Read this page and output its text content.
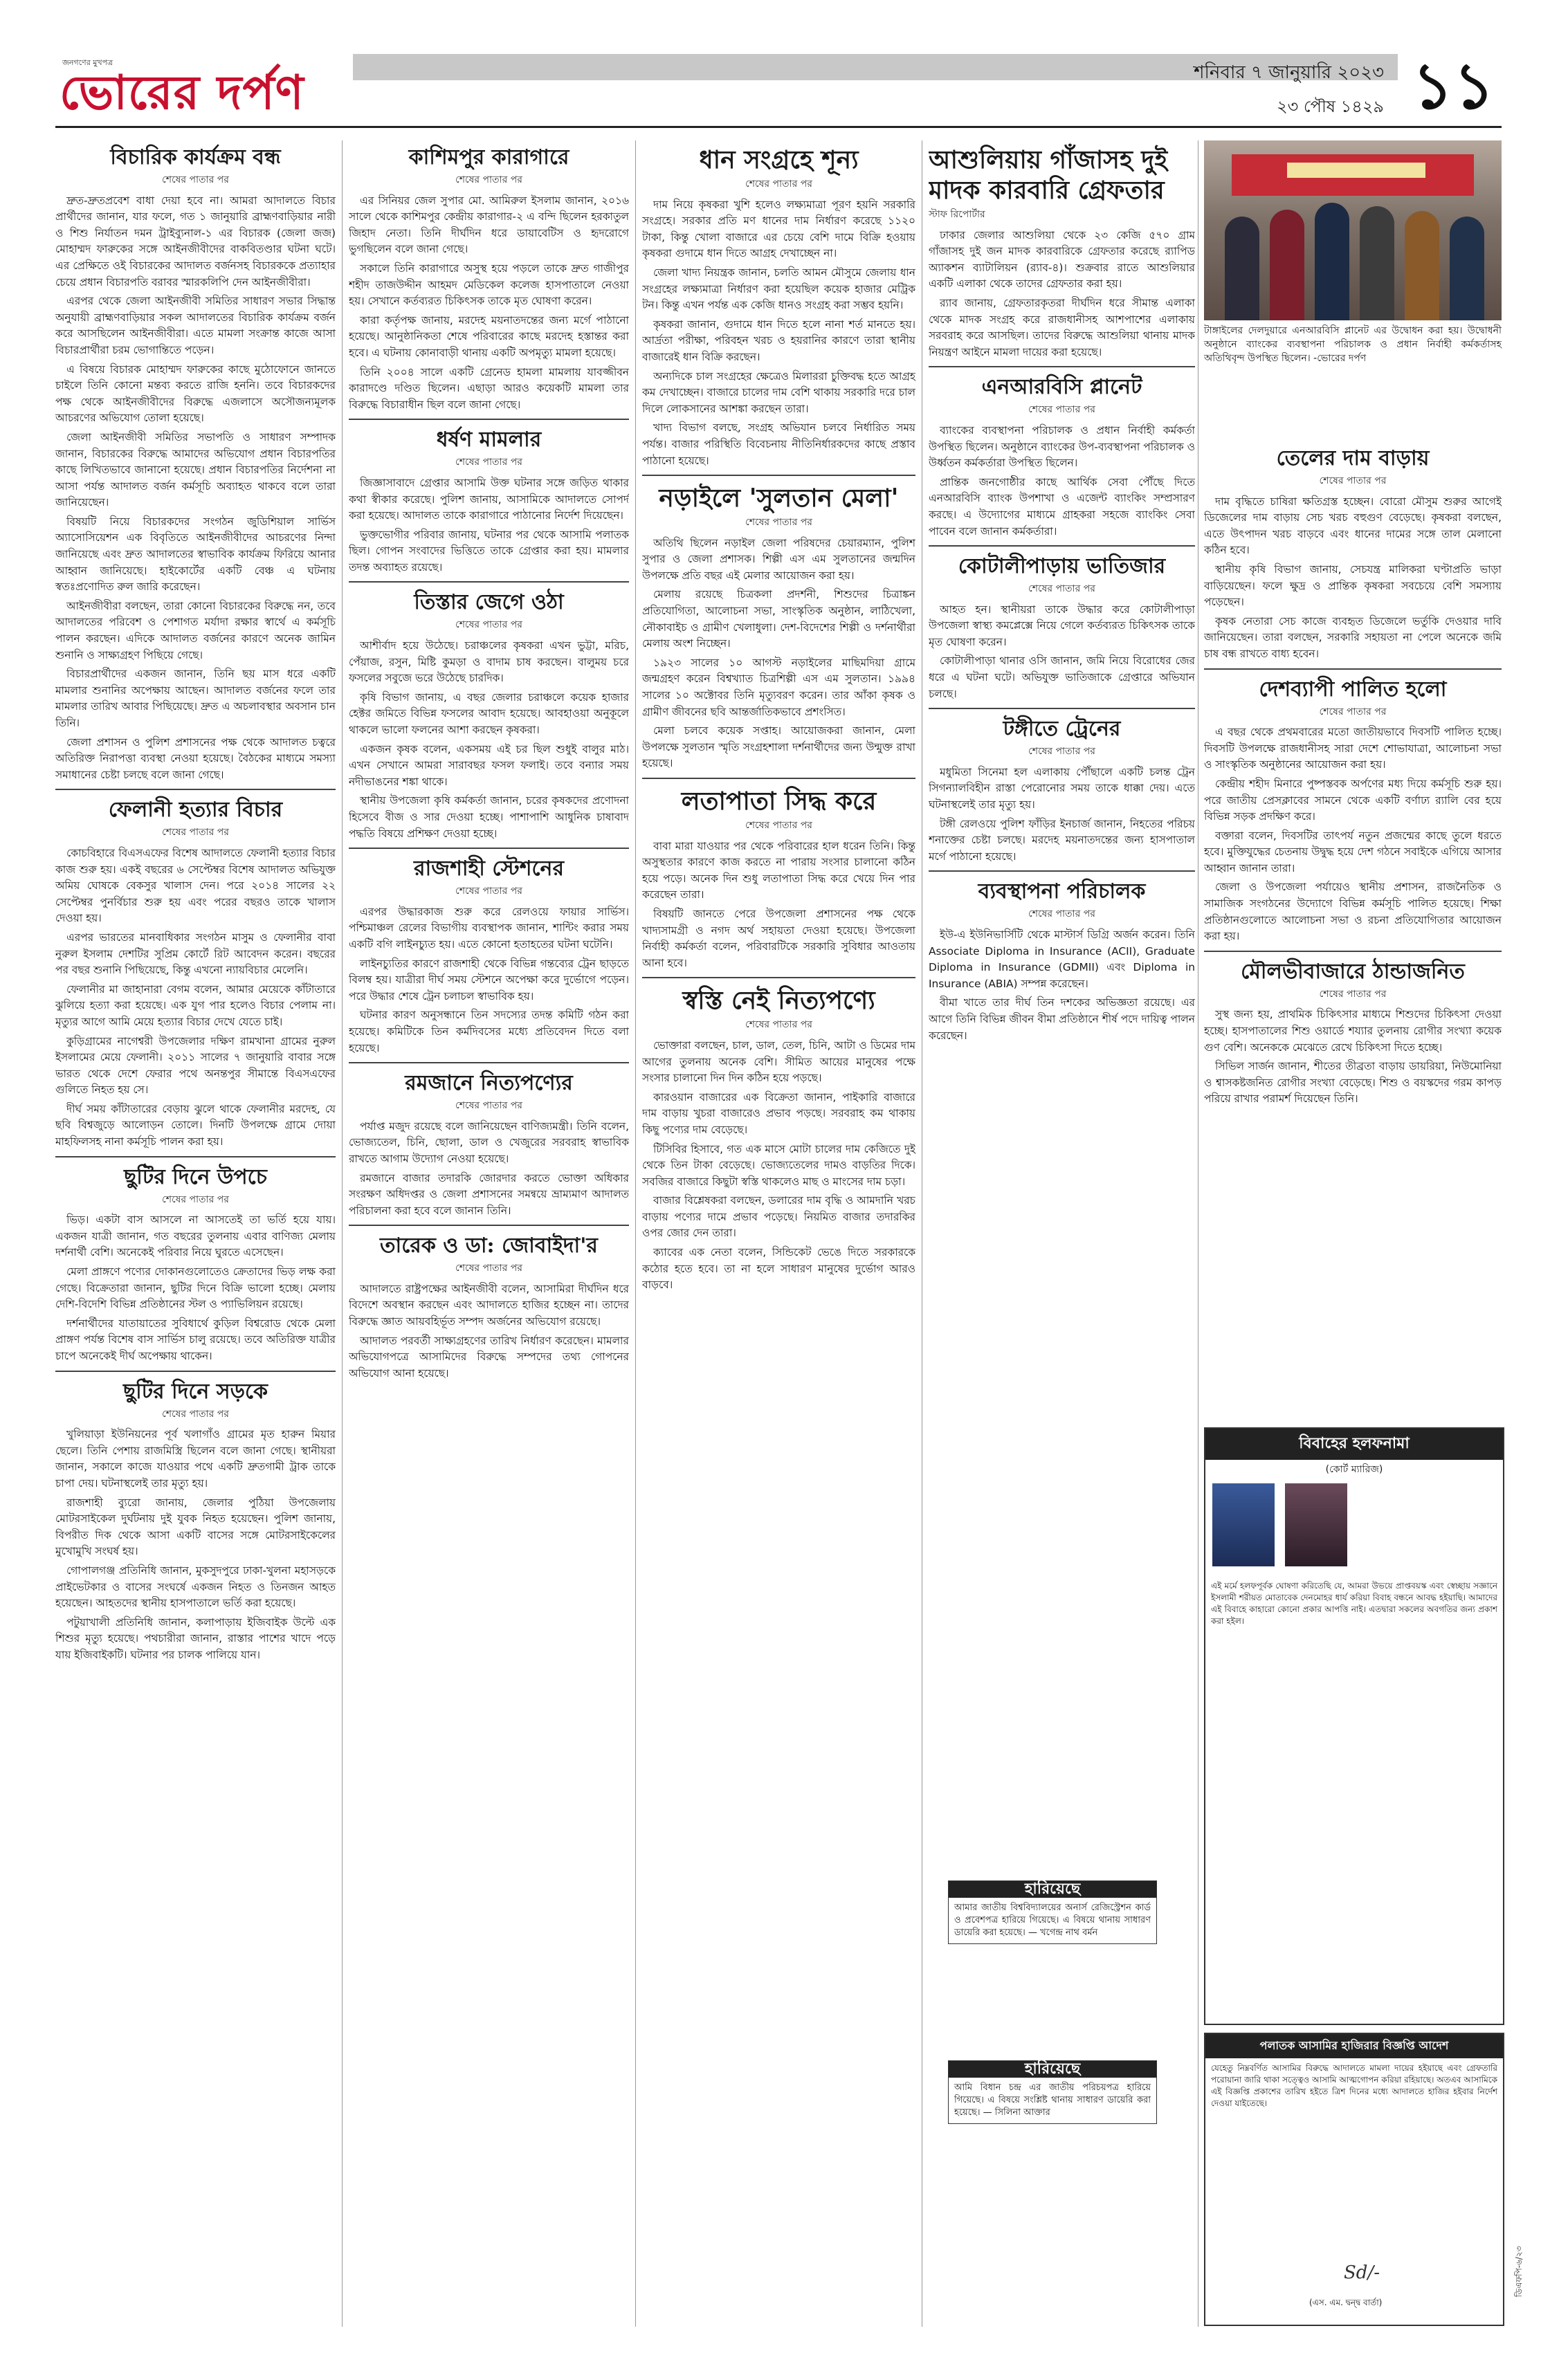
জনগণের মুখপত্র
ভোরের দর্পণ	শনিবার ৭ জানুয়ারি ২০২৩
২৩ পৌষ ১৪২৯ ১১
বিচারিক কার্যক্রম বন্ধ
শেষের পাতার পর

দ্রুত-দ্রুতপ্রবেশ বাধা দেয়া হবে না। আমরা আদালতে বিচার প্রার্থীদের জানান, যার ফলে, গত ১ জানুয়ারি ব্রাহ্মণবাড়িয়ার নারী ও শিশু নির্যাতন দমন ট্রাইব্যুনাল-১ এর বিচারক (জেলা জজ) মোহাম্মদ ফারুকের সঙ্গে আইনজীবীদের বাকবিতণ্ডার ঘটনা ঘটে। এর প্রেক্ষিতে ওই বিচারকের আদালত বর্জনসহ বিচারককে প্রত্যাহার চেয়ে প্রধান বিচারপতি বরাবর স্মারকলিপি দেন আইনজীবীরা।

এরপর থেকে জেলা আইনজীবী সমিতির সাধারণ সভার সিদ্ধান্ত অনুযায়ী ব্রাহ্মণবাড়িয়ার সকল আদালতের বিচারিক কার্যক্রম বর্জন করে আসছিলেন আইনজীবীরা। এতে মামলা সংক্রান্ত কাজে আসা বিচারপ্রার্থীরা চরম ভোগান্তিতে পড়েন।

এ বিষয়ে বিচারক মোহাম্মদ ফারুকের কাছে মুঠোফোনে জানতে চাইলে তিনি কোনো মন্তব্য করতে রাজি হননি। তবে বিচারকদের পক্ষ থেকে আইনজীবীদের বিরুদ্ধে এজলাসে অসৌজন্যমূলক আচরণের অভিযোগ তোলা হয়েছে।

জেলা আইনজীবী সমিতির সভাপতি ও সাধারণ সম্পাদক জানান, বিচারকের বিরুদ্ধে আমাদের অভিযোগ প্রধান বিচারপতির কাছে লিখিতভাবে জানানো হয়েছে। প্রধান বিচারপতির নির্দেশনা না আসা পর্যন্ত আদালত বর্জন কর্মসূচি অব্যাহত থাকবে বলে তারা জানিয়েছেন।

বিষয়টি নিয়ে বিচারকদের সংগঠন জুডিশিয়াল সার্ভিস অ্যাসোসিয়েশন এক বিবৃতিতে আইনজীবীদের আচরণের নিন্দা জানিয়েছে এবং দ্রুত আদালতের স্বাভাবিক কার্যক্রম ফিরিয়ে আনার আহ্বান জানিয়েছে। হাইকোর্টের একটি বেঞ্চ এ ঘটনায় স্বতঃপ্রণোদিত রুল জারি করেছেন।

আইনজীবীরা বলছেন, তারা কোনো বিচারকের বিরুদ্ধে নন, তবে আদালতের পরিবেশ ও পেশাগত মর্যাদা রক্ষার স্বার্থে এ কর্মসূচি পালন করছেন। এদিকে আদালত বর্জনের কারণে অনেক জামিন শুনানি ও সাক্ষ্যগ্রহণ পিছিয়ে গেছে।

বিচারপ্রার্থীদের একজন জানান, তিনি ছয় মাস ধরে একটি মামলার শুনানির অপেক্ষায় আছেন। আদালত বর্জনের ফলে তার মামলার তারিখ আবার পিছিয়েছে। দ্রুত এ অচলাবস্থার অবসান চান তিনি।

জেলা প্রশাসন ও পুলিশ প্রশাসনের পক্ষ থেকে আদালত চত্বরে অতিরিক্ত নিরাপত্তা ব্যবস্থা নেওয়া হয়েছে। বৈঠকের মাধ্যমে সমস্যা সমাধানের চেষ্টা চলছে বলে জানা গেছে।

ফেলানী হত্যার বিচার
শেষের পাতার পর

কোচবিহারে বিএসএফের বিশেষ আদালতে ফেলানী হত্যার বিচার কাজ শুরু হয়। একই বছরের ৬ সেপ্টেম্বর বিশেষ আদালত অভিযুক্ত অমিয় ঘোষকে বেকসুর খালাস দেন। পরে ২০১৪ সালের ২২ সেপ্টেম্বর পুনর্বিচার শুরু হয় এবং পরের বছরও তাকে খালাস দেওয়া হয়।

এরপর ভারতের মানবাধিকার সংগঠন মাসুম ও ফেলানীর বাবা নুরুল ইসলাম দেশটির সুপ্রিম কোর্টে রিট আবেদন করেন। বছরের পর বছর শুনানি পিছিয়েছে, কিন্তু এখনো ন্যায়বিচার মেলেনি।

ফেলানীর মা জাহানারা বেগম বলেন, আমার মেয়েকে কাঁটাতারে ঝুলিয়ে হত্যা করা হয়েছে। এক যুগ পার হলেও বিচার পেলাম না। মৃত্যুর আগে আমি মেয়ে হত্যার বিচার দেখে যেতে চাই।

কুড়িগ্রামের নাগেশ্বরী উপজেলার দক্ষিণ রামখানা গ্রামের নুরুল ইসলামের মেয়ে ফেলানী। ২০১১ সালের ৭ জানুয়ারি বাবার সঙ্গে ভারত থেকে দেশে ফেরার পথে অনন্তপুর সীমান্তে বিএসএফের গুলিতে নিহত হয় সে।

দীর্ঘ সময় কাঁটাতারের বেড়ায় ঝুলে থাকে ফেলানীর মরদেহ, যে ছবি বিশ্বজুড়ে আলোড়ন তোলে। দিনটি উপলক্ষে গ্রামে দোয়া মাহফিলসহ নানা কর্মসূচি পালন করা হয়।

ছুটির দিনে উপচে
শেষের পাতার পর

ভিড়। একটা বাস আসলে না আসতেই তা ভর্তি হয়ে যায়। একজন যাত্রী জানান, গত বছরের তুলনায় এবার বাণিজ্য মেলায় দর্শনার্থী বেশি। অনেকেই পরিবার নিয়ে ঘুরতে এসেছেন।

মেলা প্রাঙ্গণে পণ্যের দোকানগুলোতেও ক্রেতাদের ভিড় লক্ষ করা গেছে। বিক্রেতারা জানান, ছুটির দিনে বিক্রি ভালো হচ্ছে। মেলায় দেশি-বিদেশি বিভিন্ন প্রতিষ্ঠানের স্টল ও প্যাভিলিয়ন রয়েছে।

দর্শনার্থীদের যাতায়াতের সুবিধার্থে কুড়িল বিশ্বরোড থেকে মেলা প্রাঙ্গণ পর্যন্ত বিশেষ বাস সার্ভিস চালু রয়েছে। তবে অতিরিক্ত যাত্রীর চাপে অনেকেই দীর্ঘ অপেক্ষায় থাকেন।

ছুটির দিনে সড়কে
শেষের পাতার পর

খুলিয়াড়া ইউনিয়নের পূর্ব খলাগাঁও গ্রামের মৃত হারুন মিয়ার ছেলে। তিনি পেশায় রাজমিস্ত্রি ছিলেন বলে জানা গেছে। স্থানীয়রা জানান, সকালে কাজে যাওয়ার পথে একটি দ্রুতগামী ট্রাক তাকে চাপা দেয়। ঘটনাস্থলেই তার মৃত্যু হয়।

রাজশাহী ব্যুরো জানায়, জেলার পুঠিয়া উপজেলায় মোটরসাইকেল দুর্ঘটনায় দুই যুবক নিহত হয়েছেন। পুলিশ জানায়, বিপরীত দিক থেকে আসা একটি বাসের সঙ্গে মোটরসাইকেলের মুখোমুখি সংঘর্ষ হয়।

গোপালগঞ্জ প্রতিনিধি জানান, মুকসুদপুরে ঢাকা-খুলনা মহাসড়কে প্রাইভেটকার ও বাসের সংঘর্ষে একজন নিহত ও তিনজন আহত হয়েছেন। আহতদের স্থানীয় হাসপাতালে ভর্তি করা হয়েছে।

পটুয়াখালী প্রতিনিধি জানান, কলাপাড়ায় ইজিবাইক উল্টে এক শিশুর মৃত্যু হয়েছে। পথচারীরা জানান, রাস্তার পাশের খাদে পড়ে যায় ইজিবাইকটি। ঘটনার পর চালক পালিয়ে যান।

কাশিমপুর কারাগারে
শেষের পাতার পর

এর সিনিয়র জেল সুপার মো. আমিরুল ইসলাম জানান, ২০১৬ সালে থেকে কাশিমপুর কেন্দ্রীয় কারাগার-২ এ বন্দি ছিলেন হরকাতুল জিহাদ নেতা। তিনি দীর্ঘদিন ধরে ডায়াবেটিস ও হৃদরোগে ভুগছিলেন বলে জানা গেছে।

সকালে তিনি কারাগারে অসুস্থ হয়ে পড়লে তাকে দ্রুত গাজীপুর শহীদ তাজউদ্দীন আহমদ মেডিকেল কলেজ হাসপাতালে নেওয়া হয়। সেখানে কর্তব্যরত চিকিৎসক তাকে মৃত ঘোষণা করেন।

কারা কর্তৃপক্ষ জানায়, মরদেহ ময়নাতদন্তের জন্য মর্গে পাঠানো হয়েছে। আনুষ্ঠানিকতা শেষে পরিবারের কাছে মরদেহ হস্তান্তর করা হবে। এ ঘটনায় কোনাবাড়ী থানায় একটি অপমৃত্যু মামলা হয়েছে।

তিনি ২০০৪ সালে একটি গ্রেনেড হামলা মামলায় যাবজ্জীবন কারাদণ্ডে দণ্ডিত ছিলেন। এছাড়া আরও কয়েকটি মামলা তার বিরুদ্ধে বিচারাধীন ছিল বলে জানা গেছে।

ধর্ষণ মামলার
শেষের পাতার পর

জিজ্ঞাসাবাদে গ্রেপ্তার আসামি উক্ত ঘটনার সঙ্গে জড়িত থাকার কথা স্বীকার করেছে। পুলিশ জানায়, আসামিকে আদালতে সোপর্দ করা হয়েছে। আদালত তাকে কারাগারে পাঠানোর নির্দেশ দিয়েছেন।

ভুক্তভোগীর পরিবার জানায়, ঘটনার পর থেকে আসামি পলাতক ছিল। গোপন সংবাদের ভিত্তিতে তাকে গ্রেপ্তার করা হয়। মামলার তদন্ত অব্যাহত রয়েছে।

তিস্তার জেগে ওঠা
শেষের পাতার পর

আশীর্বাদ হয়ে উঠেছে। চরাঞ্চলের কৃষকরা এখন ভুট্টা, মরিচ, পেঁয়াজ, রসুন, মিষ্টি কুমড়া ও বাদাম চাষ করছেন। বালুময় চরে ফসলের সবুজে ভরে উঠেছে চারদিক।

কৃষি বিভাগ জানায়, এ বছর জেলার চরাঞ্চলে কয়েক হাজার হেক্টর জমিতে বিভিন্ন ফসলের আবাদ হয়েছে। আবহাওয়া অনুকূলে থাকলে ভালো ফলনের আশা করছেন কৃষকরা।

একজন কৃষক বলেন, একসময় এই চর ছিল শুধুই বালুর মাঠ। এখন সেখানে আমরা সারাবছর ফসল ফলাই। তবে বন্যার সময় নদীভাঙনের শঙ্কা থাকে।

স্থানীয় উপজেলা কৃষি কর্মকর্তা জানান, চরের কৃষকদের প্রণোদনা হিসেবে বীজ ও সার দেওয়া হচ্ছে। পাশাপাশি আধুনিক চাষাবাদ পদ্ধতি বিষয়ে প্রশিক্ষণ দেওয়া হচ্ছে।

রাজশাহী স্টেশনের
শেষের পাতার পর

এরপর উদ্ধারকাজ শুরু করে রেলওয়ে ফায়ার সার্ভিস। পশ্চিমাঞ্চল রেলের বিভাগীয় ব্যবস্থাপক জানান, শান্টিং করার সময় একটি বগি লাইনচ্যুত হয়। এতে কোনো হতাহতের ঘটনা ঘটেনি।

লাইনচ্যুতির কারণে রাজশাহী থেকে বিভিন্ন গন্তব্যের ট্রেন ছাড়তে বিলম্ব হয়। যাত্রীরা দীর্ঘ সময় স্টেশনে অপেক্ষা করে দুর্ভোগে পড়েন। পরে উদ্ধার শেষে ট্রেন চলাচল স্বাভাবিক হয়।

ঘটনার কারণ অনুসন্ধানে তিন সদস্যের তদন্ত কমিটি গঠন করা হয়েছে। কমিটিকে তিন কর্মদিবসের মধ্যে প্রতিবেদন দিতে বলা হয়েছে।

রমজানে নিত্যপণ্যের
শেষের পাতার পর

পর্যাপ্ত মজুদ রয়েছে বলে জানিয়েছেন বাণিজ্যমন্ত্রী। তিনি বলেন, ভোজ্যতেল, চিনি, ছোলা, ডাল ও খেজুরের সরবরাহ স্বাভাবিক রাখতে আগাম উদ্যোগ নেওয়া হয়েছে।

রমজানে বাজার তদারকি জোরদার করতে ভোক্তা অধিকার সংরক্ষণ অধিদপ্তর ও জেলা প্রশাসনের সমন্বয়ে ভ্রাম্যমাণ আদালত পরিচালনা করা হবে বলে জানান তিনি।

তারেক ও ডা: জোবাইদা'র
শেষের পাতার পর

আদালতে রাষ্ট্রপক্ষের আইনজীবী বলেন, আসামিরা দীর্ঘদিন ধরে বিদেশে অবস্থান করছেন এবং আদালতে হাজির হচ্ছেন না। তাদের বিরুদ্ধে জ্ঞাত আয়বহির্ভূত সম্পদ অর্জনের অভিযোগ রয়েছে।

আদালত পরবর্তী সাক্ষ্যগ্রহণের তারিখ নির্ধারণ করেছেন। মামলার অভিযোগপত্রে আসামিদের বিরুদ্ধে সম্পদের তথ্য গোপনের অভিযোগ আনা হয়েছে।

ধান সংগ্রহে শূন্য
শেষের পাতার পর

দাম নিয়ে কৃষকরা খুশি হলেও লক্ষ্যমাত্রা পূরণ হয়নি সরকারি সংগ্রহে। সরকার প্রতি মণ ধানের দাম নির্ধারণ করেছে ১১২০ টাকা, কিন্তু খোলা বাজারে এর চেয়ে বেশি দামে বিক্রি হওয়ায় কৃষকরা গুদামে ধান দিতে আগ্রহ দেখাচ্ছেন না।

জেলা খাদ্য নিয়ন্ত্রক জানান, চলতি আমন মৌসুমে জেলায় ধান সংগ্রহের লক্ষ্যমাত্রা নির্ধারণ করা হয়েছিল কয়েক হাজার মেট্রিক টন। কিন্তু এখন পর্যন্ত এক কেজি ধানও সংগ্রহ করা সম্ভব হয়নি।

কৃষকরা জানান, গুদামে ধান দিতে হলে নানা শর্ত মানতে হয়। আর্দ্রতা পরীক্ষা, পরিবহন খরচ ও হয়রানির কারণে তারা স্থানীয় বাজারেই ধান বিক্রি করছেন।

অন্যদিকে চাল সংগ্রহের ক্ষেত্রেও মিলাররা চুক্তিবদ্ধ হতে আগ্রহ কম দেখাচ্ছেন। বাজারে চালের দাম বেশি থাকায় সরকারি দরে চাল দিলে লোকসানের আশঙ্কা করছেন তারা।

খাদ্য বিভাগ বলছে, সংগ্রহ অভিযান চলবে নির্ধারিত সময় পর্যন্ত। বাজার পরিস্থিতি বিবেচনায় নীতিনির্ধারকদের কাছে প্রস্তাব পাঠানো হয়েছে।

নড়াইলে 'সুলতান মেলা'
শেষের পাতার পর

অতিথি ছিলেন নড়াইল জেলা পরিষদের চেয়ারম্যান, পুলিশ সুপার ও জেলা প্রশাসক। শিল্পী এস এম সুলতানের জন্মদিন উপলক্ষে প্রতি বছর এই মেলার আয়োজন করা হয়।

মেলায় রয়েছে চিত্রকলা প্রদর্শনী, শিশুদের চিত্রাঙ্কন প্রতিযোগিতা, আলোচনা সভা, সাংস্কৃতিক অনুষ্ঠান, লাঠিখেলা, নৌকাবাইচ ও গ্রামীণ খেলাধুলা। দেশ-বিদেশের শিল্পী ও দর্শনার্থীরা মেলায় অংশ নিচ্ছেন।

১৯২৩ সালের ১০ আগস্ট নড়াইলের মাছিমদিয়া গ্রামে জন্মগ্রহণ করেন বিশ্বখ্যাত চিত্রশিল্পী এস এম সুলতান। ১৯৯৪ সালের ১০ অক্টোবর তিনি মৃত্যুবরণ করেন। তার আঁকা কৃষক ও গ্রামীণ জীবনের ছবি আন্তর্জাতিকভাবে প্রশংসিত।

মেলা চলবে কয়েক সপ্তাহ। আয়োজকরা জানান, মেলা উপলক্ষে সুলতান স্মৃতি সংগ্রহশালা দর্শনার্থীদের জন্য উন্মুক্ত রাখা হয়েছে।

লতাপাতা সিদ্ধ করে
শেষের পাতার পর

বাবা মারা যাওয়ার পর থেকে পরিবারের হাল ধরেন তিনি। কিন্তু অসুস্থতার কারণে কাজ করতে না পারায় সংসার চালানো কঠিন হয়ে পড়ে। অনেক দিন শুধু লতাপাতা সিদ্ধ করে খেয়ে দিন পার করেছেন তারা।

বিষয়টি জানতে পেরে উপজেলা প্রশাসনের পক্ষ থেকে খাদ্যসামগ্রী ও নগদ অর্থ সহায়তা দেওয়া হয়েছে। উপজেলা নির্বাহী কর্মকর্তা বলেন, পরিবারটিকে সরকারি সুবিধার আওতায় আনা হবে।

স্বস্তি নেই নিত্যপণ্যে
শেষের পাতার পর

ভোক্তারা বলছেন, চাল, ডাল, তেল, চিনি, আটা ও ডিমের দাম আগের তুলনায় অনেক বেশি। সীমিত আয়ের মানুষের পক্ষে সংসার চালানো দিন দিন কঠিন হয়ে পড়ছে।

কারওয়ান বাজারের এক বিক্রেতা জানান, পাইকারি বাজারে দাম বাড়ায় খুচরা বাজারেও প্রভাব পড়ছে। সরবরাহ কম থাকায় কিছু পণ্যের দাম বেড়েছে।

টিসিবির হিসাবে, গত এক মাসে মোটা চালের দাম কেজিতে দুই থেকে তিন টাকা বেড়েছে। ভোজ্যতেলের দামও বাড়তির দিকে। সবজির বাজারে কিছুটা স্বস্তি থাকলেও মাছ ও মাংসের দাম চড়া।

বাজার বিশ্লেষকরা বলছেন, ডলারের দাম বৃদ্ধি ও আমদানি খরচ বাড়ায় পণ্যের দামে প্রভাব পড়েছে। নিয়মিত বাজার তদারকির ওপর জোর দেন তারা।

ক্যাবের এক নেতা বলেন, সিন্ডিকেট ভেঙে দিতে সরকারকে কঠোর হতে হবে। তা না হলে সাধারণ মানুষের দুর্ভোগ আরও বাড়বে।

আশুলিয়ায় গাঁজাসহ দুই মাদক কারবারি গ্রেফতার
স্টাফ রিপোর্টার

ঢাকার জেলার আশুলিয়া থেকে ২৩ কেজি ৫৭০ গ্রাম গাঁজাসহ দুই জন মাদক কারবারিকে গ্রেফতার করেছে র‍্যাপিড অ্যাকশন ব্যাটালিয়ন (র‍্যাব-৪)। শুক্রবার রাতে আশুলিয়ার একটি এলাকা থেকে তাদের গ্রেফতার করা হয়।

র‍্যাব জানায়, গ্রেফতারকৃতরা দীর্ঘদিন ধরে সীমান্ত এলাকা থেকে মাদক সংগ্রহ করে রাজধানীসহ আশপাশের এলাকায় সরবরাহ করে আসছিল। তাদের বিরুদ্ধে আশুলিয়া থানায় মাদক নিয়ন্ত্রণ আইনে মামলা দায়ের করা হয়েছে।

এনআরবিসি প্লানেট
শেষের পাতার পর

ব্যাংকের ব্যবস্থাপনা পরিচালক ও প্রধান নির্বাহী কর্মকর্তা উপস্থিত ছিলেন। অনুষ্ঠানে ব্যাংকের উপ-ব্যবস্থাপনা পরিচালক ও উর্ধ্বতন কর্মকর্তারা উপস্থিত ছিলেন।

প্রান্তিক জনগোষ্ঠীর কাছে আর্থিক সেবা পৌঁছে দিতে এনআরবিসি ব্যাংক উপশাখা ও এজেন্ট ব্যাংকিং সম্প্রসারণ করছে। এ উদ্যোগের মাধ্যমে গ্রাহকরা সহজে ব্যাংকিং সেবা পাবেন বলে জানান কর্মকর্তারা।

কোটালীপাড়ায় ভাতিজার
শেষের পাতার পর

আহত হন। স্থানীয়রা তাকে উদ্ধার করে কোটালীপাড়া উপজেলা স্বাস্থ্য কমপ্লেক্সে নিয়ে গেলে কর্তব্যরত চিকিৎসক তাকে মৃত ঘোষণা করেন।

কোটালীপাড়া থানার ওসি জানান, জমি নিয়ে বিরোধের জের ধরে এ ঘটনা ঘটে। অভিযুক্ত ভাতিজাকে গ্রেপ্তারে অভিযান চলছে।

টঙ্গীতে ট্রেনের
শেষের পাতার পর

মধুমিতা সিনেমা হল এলাকায় পৌঁছালে একটি চলন্ত ট্রেন সিগন্যালবিহীন রাস্তা পেরোনোর সময় তাকে ধাক্কা দেয়। এতে ঘটনাস্থলেই তার মৃত্যু হয়।

টঙ্গী রেলওয়ে পুলিশ ফাঁড়ির ইনচার্জ জানান, নিহতের পরিচয় শনাক্তের চেষ্টা চলছে। মরদেহ ময়নাতদন্তের জন্য হাসপাতাল মর্গে পাঠানো হয়েছে।

ব্যবস্থাপনা পরিচালক
শেষের পাতার পর

ইউ-এ ইউনিভার্সিটি থেকে মাস্টার্স ডিগ্রি অর্জন করেন। তিনি Associate Diploma in Insurance (ACII), Graduate Diploma in Insurance (GDMII) এবং Diploma in Insurance (ABIA) সম্পন্ন করেছেন।

বীমা খাতে তার দীর্ঘ তিন দশকের অভিজ্ঞতা রয়েছে। এর আগে তিনি বিভিন্ন জীবন বীমা প্রতিষ্ঠানে শীর্ষ পদে দায়িত্ব পালন করেছেন।

হারিয়েছে
আমার জাতীয় বিশ্ববিদ্যালয়ের অনার্স রেজিস্ট্রেশন কার্ড ও প্রবেশপত্র হারিয়ে গিয়েছে। এ বিষয়ে থানায় সাধারণ ডায়েরি করা হয়েছে। — খগেন্দ্র নাথ বর্মন
হারিয়েছে
আমি বিধান চন্দ্র এর জাতীয় পরিচয়পত্র হারিয়ে গিয়েছে। এ বিষয়ে সংশ্লিষ্ট থানায় সাধারণ ডায়েরি করা হয়েছে। — সিলিনা আক্তার
টাঙ্গাইলের দেলদুয়ারে এনআরবিসি প্লানেট এর উদ্বোধন করা হয়। উদ্বোধনী অনুষ্ঠানে ব্যাংকের ব্যবস্থাপনা পরিচালক ও প্রধান নির্বাহী কর্মকর্তাসহ অতিথিবৃন্দ উপস্থিত ছিলেন। -ভোরের দর্পণ
তেলের দাম বাড়ায়
শেষের পাতার পর

দাম বৃদ্ধিতে চাষিরা ক্ষতিগ্রস্ত হচ্ছেন। বোরো মৌসুম শুরুর আগেই ডিজেলের দাম বাড়ায় সেচ খরচ বহুগুণ বেড়েছে। কৃষকরা বলছেন, এতে উৎপাদন খরচ বাড়বে এবং ধানের দামের সঙ্গে তাল মেলানো কঠিন হবে।

স্থানীয় কৃষি বিভাগ জানায়, সেচযন্ত্র মালিকরা ঘণ্টাপ্রতি ভাড়া বাড়িয়েছেন। ফলে ক্ষুদ্র ও প্রান্তিক কৃষকরা সবচেয়ে বেশি সমস্যায় পড়েছেন।

কৃষক নেতারা সেচ কাজে ব্যবহৃত ডিজেলে ভর্তুকি দেওয়ার দাবি জানিয়েছেন। তারা বলছেন, সরকারি সহায়তা না পেলে অনেকে জমি চাষ বন্ধ রাখতে বাধ্য হবেন।

দেশব্যাপী পালিত হলো
শেষের পাতার পর

এ বছর থেকে প্রথমবারের মতো জাতীয়ভাবে দিবসটি পালিত হচ্ছে। দিবসটি উপলক্ষে রাজধানীসহ সারা দেশে শোভাযাত্রা, আলোচনা সভা ও সাংস্কৃতিক অনুষ্ঠানের আয়োজন করা হয়।

কেন্দ্রীয় শহীদ মিনারে পুষ্পস্তবক অর্পণের মধ্য দিয়ে কর্মসূচি শুরু হয়। পরে জাতীয় প্রেসক্লাবের সামনে থেকে একটি বর্ণাঢ্য র‍্যালি বের হয়ে বিভিন্ন সড়ক প্রদক্ষিণ করে।

বক্তারা বলেন, দিবসটির তাৎপর্য নতুন প্রজন্মের কাছে তুলে ধরতে হবে। মুক্তিযুদ্ধের চেতনায় উদ্বুদ্ধ হয়ে দেশ গঠনে সবাইকে এগিয়ে আসার আহ্বান জানান তারা।

জেলা ও উপজেলা পর্যায়েও স্থানীয় প্রশাসন, রাজনৈতিক ও সামাজিক সংগঠনের উদ্যোগে বিভিন্ন কর্মসূচি পালিত হয়েছে। শিক্ষা প্রতিষ্ঠানগুলোতে আলোচনা সভা ও রচনা প্রতিযোগিতার আয়োজন করা হয়।

মৌলভীবাজারে ঠান্ডাজনিত
শেষের পাতার পর

সুস্থ জন্য হয়, প্রাথমিক চিকিৎসার মাধ্যমে শিশুদের চিকিৎসা দেওয়া হচ্ছে। হাসপাতালের শিশু ওয়ার্ডে শয্যার তুলনায় রোগীর সংখ্যা কয়েক গুণ বেশি। অনেককে মেঝেতে রেখে চিকিৎসা দিতে হচ্ছে।

সিভিল সার্জন জানান, শীতের তীব্রতা বাড়ায় ডায়রিয়া, নিউমোনিয়া ও শ্বাসকষ্টজনিত রোগীর সংখ্যা বেড়েছে। শিশু ও বয়স্কদের গরম কাপড় পরিয়ে রাখার পরামর্শ দিয়েছেন তিনি।

বিবাহের হলফনামা
(কোর্ট ম্যারিজ)
এই মর্মে হলফপূর্বক ঘোষণা করিতেছি যে, আমরা উভয়ে প্রাপ্তবয়স্ক এবং স্বেচ্ছায় সজ্ঞানে ইসলামী শরীয়ত মোতাবেক দেনমোহর ধার্য করিয়া বিবাহ বন্ধনে আবদ্ধ হইয়াছি। আমাদের এই বিবাহে কাহারো কোনো প্রকার আপত্তি নাই। এতদ্বারা সকলের অবগতির জন্য প্রকাশ করা হইল।
পলাতক আসামির হাজিরার বিজ্ঞপ্তি আদেশ
যেহেতু নিম্নবর্ণিত আসামির বিরুদ্ধে আদালতে মামলা দায়ের হইয়াছে এবং গ্রেফতারি পরোয়ানা জারি থাকা সত্ত্বেও আসামি আত্মগোপন করিয়া রহিয়াছে। অতএব আসামিকে এই বিজ্ঞপ্তি প্রকাশের তারিখ হইতে ত্রিশ দিনের মধ্যে আদালতে হাজির হইবার নির্দেশ দেওয়া যাইতেছে।
Sd/-
(এস. এম. দ্বন্দ্ব বার্তা)
ডিএফপি-৬/২৩
